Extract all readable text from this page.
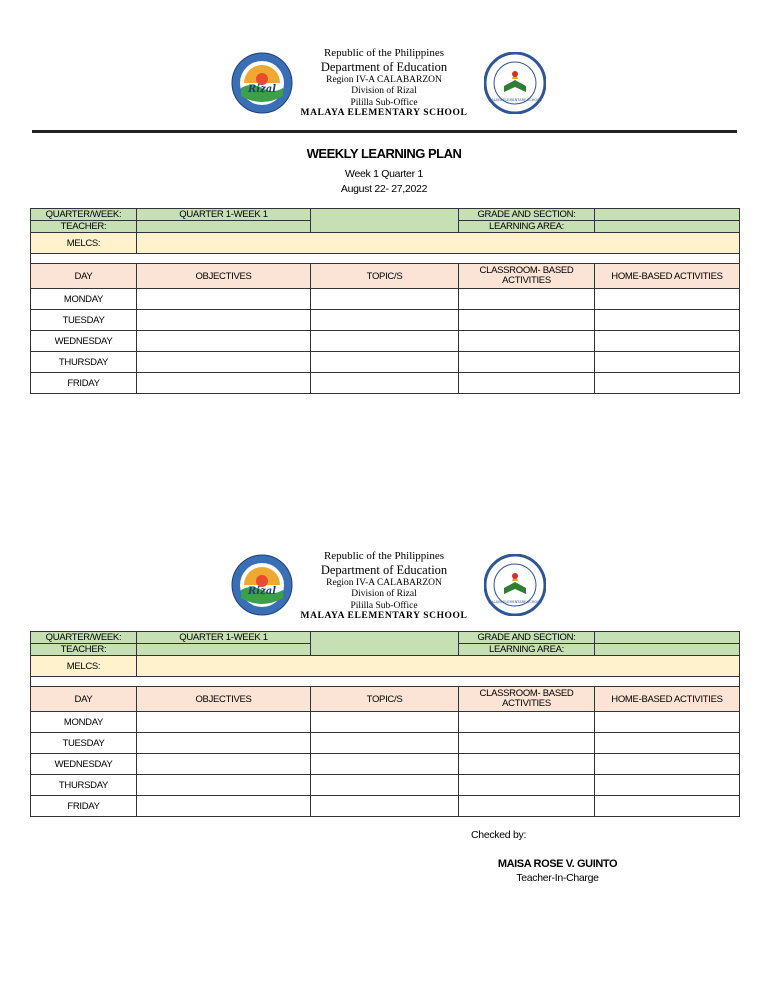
Rizal
MALAYA ELEMENTARY SCHOOL
Republic of the Philippines
Department of Education
Region IV-A CALABARZON
Division of Rizal
Pililla Sub-Office
MALAYA ELEMENTARY SCHOOL
WEEKLY LEARNING PLAN
Week 1 Quarter 1
August 22- 27,2022
QUARTER/WEEK:	QUARTER 1-WEEK 1		GRADE AND SECTION:	
TEACHER:			LEARNING AREA:	
MELCS:				

DAY	OBJECTIVES	TOPIC/S	CLASSROOM- BASED ACTIVITIES	HOME-BASED ACTIVITIES
MONDAY				
TUESDAY				
WEDNESDAY				
THURSDAY				
FRIDAY				
Rizal
MALAYA ELEMENTARY SCHOOL
Republic of the Philippines
Department of Education
Region IV-A CALABARZON
Division of Rizal
Pililla Sub-Office
MALAYA ELEMENTARY SCHOOL
QUARTER/WEEK:	QUARTER 1-WEEK 1		GRADE AND SECTION:	
TEACHER:			LEARNING AREA:	
MELCS:				

DAY	OBJECTIVES	TOPIC/S	CLASSROOM- BASED ACTIVITIES	HOME-BASED ACTIVITIES
MONDAY				
TUESDAY				
WEDNESDAY				
THURSDAY				
FRIDAY				
Checked by:
MAISA ROSE V. GUINTO
Teacher-In-Charge
